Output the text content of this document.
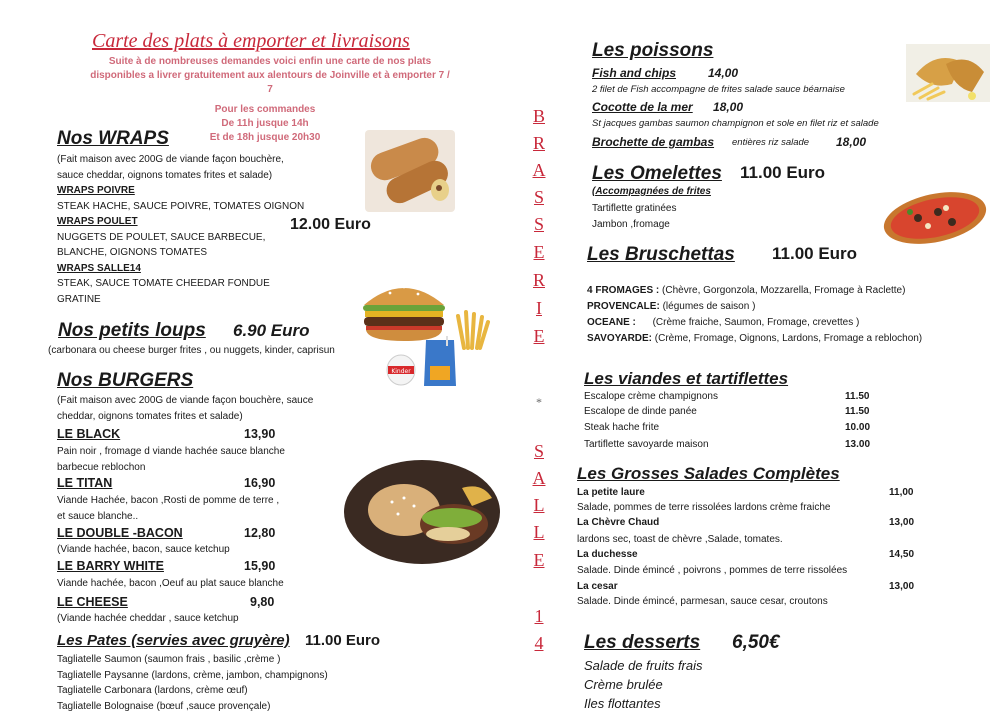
Carte des plats à emporter et livraisons
Suite à de nombreuses demandes voici enfin une carte de nos plats
disponibles a livrer gratuitement aux alentours de Joinville et à emporter 7 /
7
Pour les commandes
De 11h jusque 14h
Et de 18h jusque 20h30
Nos WRAPS
(Fait maison avec 200G de viande façon bouchère,
sauce cheddar, oignons tomates frites et salade)
WRAPS POIVRE
STEAK HACHE, SAUCE POIVRE, TOMATES OIGNON
WRAPS POULET
NUGGETS DE POULET, SAUCE BARBECUE,
BLANCHE, OIGNONS TOMATES
WRAPS SALLE14
STEAK, SAUCE TOMATE CHEEDAR FONDUE
GRATINE
12.00 Euro
Nos petits loups 6.90 Euro
(carbonara ou cheese burger frites , ou nuggets, kinder, caprisun
Kinder
Nos BURGERS
(Fait maison avec 200G de viande façon bouchère, sauce
cheddar, oignons tomates frites et salade)
LE BLACK	13,90
Pain noir , fromage d viande hachée sauce blanche
barbecue reblochon
LE TITAN	16,90
Viande Hachée, bacon ,Rosti de pomme de terre ,
et sauce blanche..
LE DOUBLE -BACON	12,80
(Viande hachée, bacon, sauce ketchup
LE BARRY WHITE	15,90
Viande hachée, bacon ,Oeuf au plat sauce blanche
LE CHEESE	9,80
(Viande hachée cheddar , sauce ketchup
Les Pates (servies avec gruyère) 11.00 Euro
Tagliatelle Saumon (saumon frais , basilic ,crème )
Tagliatelle Paysanne (lardons, crème, jambon, champignons)
Tagliatelle Carbonara (lardons, crème œuf)
Tagliatelle Bolognaise (bœuf ,sauce provençale)
B
R
A
S
S
E
R
I
E
*
S
A
L
L
E
1
4
Les poissons
Fish and chips	14,00
2 filet de Fish accompagne de frites salade sauce béarnaise
Cocotte de la mer 18,00
St jacques gambas saumon champignon et sole en filet riz et salade
Brochette de gambas entières riz salade 18,00
Les Omelettes 11.00 Euro
(Accompagnées de frites
Tartiflette gratinées
Jambon ,fromage
Les Bruschettas 11.00 Euro
4 FROMAGES : (Chèvre, Gorgonzola, Mozzarella, Fromage à Raclette)
PROVENCALE: (légumes de saison )
OCEANE : (Crème fraiche, Saumon, Fromage, crevettes )
SAVOYARDE: (Crème, Fromage, Oignons, Lardons, Fromage a reblochon)
Les viandes et tartiflettes
Escalope crème champignons	11.50
Escalope de dinde panée	11.50
Steak hache frite	10.00
Tartiflette savoyarde maison	13.00
Les Grosses Salades Complètes
La petite laure	11,00
Salade, pommes de terre rissolées lardons crème fraiche
La Chèvre Chaud	13,00
lardons sec, toast de chèvre ,Salade, tomates.
La duchesse	14,50
Salade. Dinde émincé , poivrons , pommes de terre rissolées
La cesar	13,00
Salade. Dinde émincé, parmesan, sauce cesar, croutons
Les desserts 6,50€
Salade de fruits frais
Crème brulée
Iles flottantes
